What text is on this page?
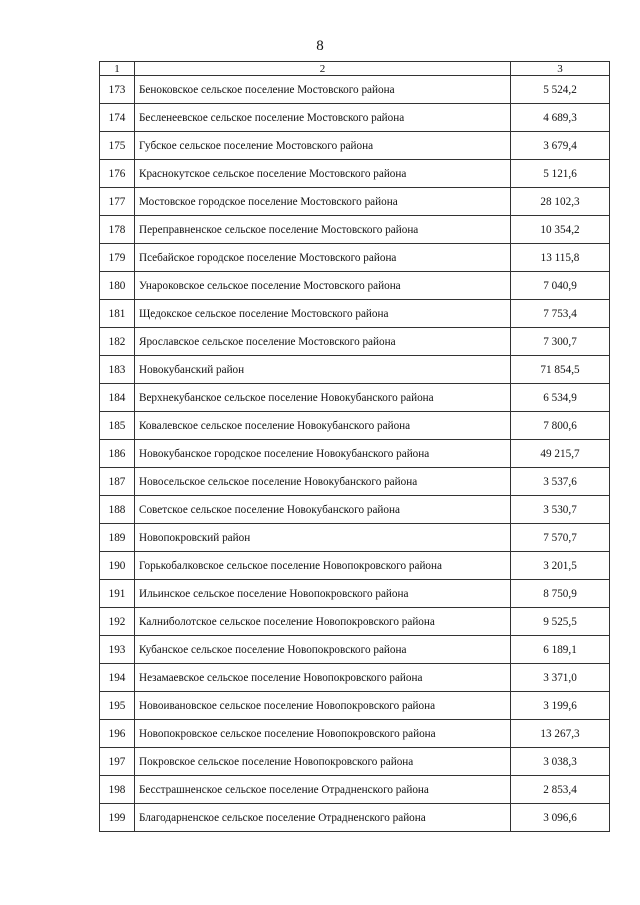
8
1	2	3
173	Беноковское сельское поселение Мостовского района	5 524,2
174	Бесленеевское сельское поселение Мостовского района	4 689,3
175	Губское сельское поселение Мостовского района	3 679,4
176	Краснокутское сельское поселение Мостовского района	5 121,6
177	Мостовское городское поселение Мостовского района	28 102,3
178	Переправненское сельское поселение Мостовского района	10 354,2
179	Псебайское городское поселение Мостовского района	13 115,8
180	Унароковское сельское поселение Мостовского района	7 040,9
181	Щедокское сельское поселение Мостовского района	7 753,4
182	Ярославское сельское поселение Мостовского района	7 300,7
183	Новокубанский район	71 854,5
184	Верхнекубанское сельское поселение Новокубанского района	6 534,9
185	Ковалевское сельское поселение Новокубанского района	7 800,6
186	Новокубанское городское поселение Новокубанского района	49 215,7
187	Новосельское сельское поселение Новокубанского района	3 537,6
188	Советское сельское поселение Новокубанского района	3 530,7
189	Новопокровский район	7 570,7
190	Горькобалковское сельское поселение Новопокровского района	3 201,5
191	Ильинское сельское поселение Новопокровского района	8 750,9
192	Калниболотское сельское поселение Новопокровского района	9 525,5
193	Кубанское сельское поселение Новопокровского района	6 189,1
194	Незамаевское сельское поселение Новопокровского района	3 371,0
195	Новоивановское сельское поселение Новопокровского района	3 199,6
196	Новопокровское сельское поселение Новопокровского района	13 267,3
197	Покровское сельское поселение Новопокровского района	3 038,3
198	Бесстрашненское сельское поселение Отрадненского района	2 853,4
199	Благодарненское сельское поселение Отрадненского района	3 096,6
